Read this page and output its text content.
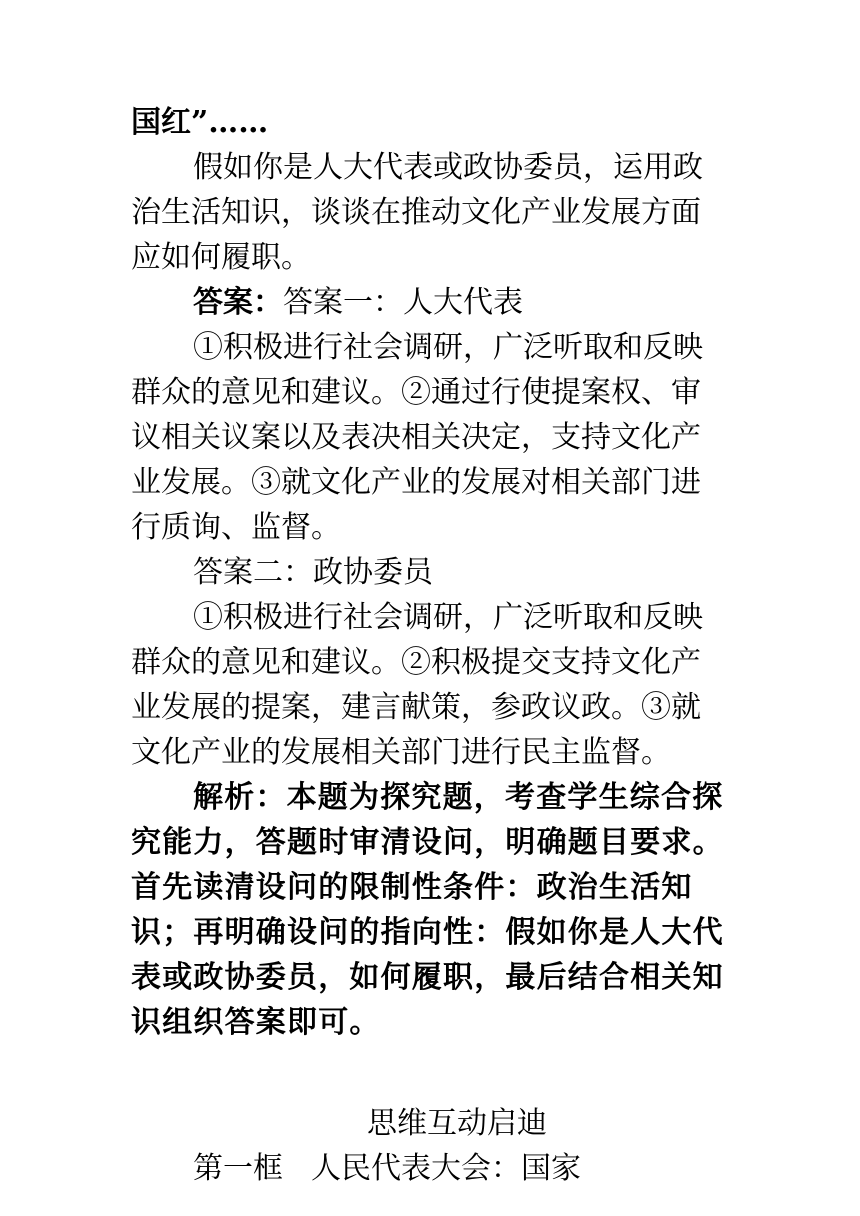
国红”……
假如你是人大代表或政协委员，运用政
治生活知识，谈谈在推动文化产业发展方面
应如何履职。
答案：答案一：人大代表
①积极进行社会调研，广泛听取和反映
群众的意见和建议。②通过行使提案权、审
议相关议案以及表决相关决定，支持文化产
业发展。③就文化产业的发展对相关部门进
行质询、监督。
答案二：政协委员
①积极进行社会调研，广泛听取和反映
群众的意见和建议。②积极提交支持文化产
业发展的提案，建言献策，参政议政。③就
文化产业的发展相关部门进行民主监督。
解析：本题为探究题，考查学生综合探
究能力，答题时审清设问，明确题目要求。
首先读清设问的限制性条件：政治生活知
识；再明确设问的指向性：假如你是人大代
表或政协委员，如何履职，最后结合相关知
识组织答案即可。
思维互动启迪
第一框 人民代表大会：国家
